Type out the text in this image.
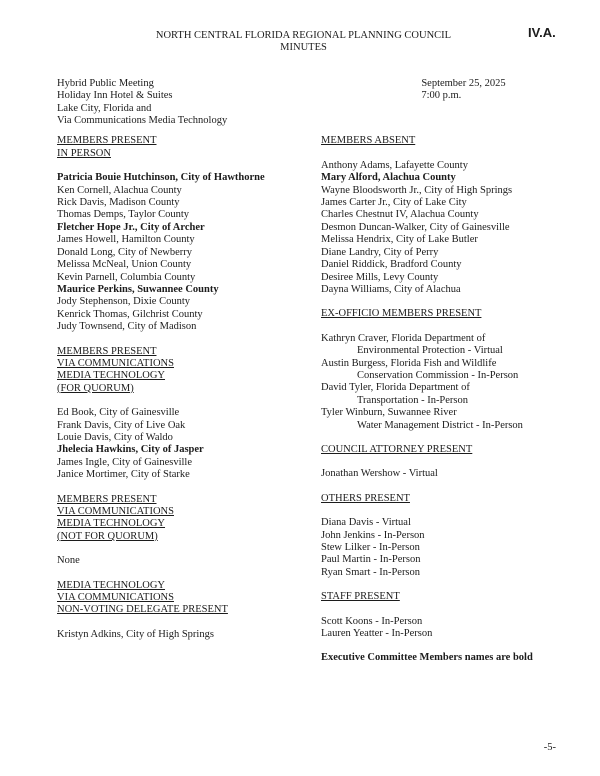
IV.A.
NORTH CENTRAL FLORIDA REGIONAL PLANNING COUNCIL
MINUTES
Hybrid Public Meeting
Holiday Inn Hotel & Suites
Lake City, Florida and
Via Communications Media Technology
September 25, 2025
7:00 p.m.
MEMBERS PRESENT
IN PERSON
Patricia Bouie Hutchinson, City of Hawthorne
Ken Cornell, Alachua County
Rick Davis, Madison County
Thomas Demps, Taylor County
Fletcher Hope Jr., City of Archer
James Howell, Hamilton County
Donald Long, City of Newberry
Melissa McNeal, Union County
Kevin Parnell, Columbia County
Maurice Perkins, Suwannee County
Jody Stephenson, Dixie County
Kenrick Thomas, Gilchrist County
Judy Townsend, City of Madison
MEMBERS PRESENT
VIA COMMUNICATIONS
MEDIA TECHNOLOGY
(FOR QUORUM)
Ed Book, City of Gainesville
Frank Davis, City of Live Oak
Louie Davis, City of Waldo
Jhelecia Hawkins, City of Jasper
James Ingle, City of Gainesville
Janice Mortimer, City of Starke
MEMBERS PRESENT
VIA COMMUNICATIONS
MEDIA TECHNOLOGY
(NOT FOR QUORUM)
None
MEDIA TECHNOLOGY
VIA COMMUNICATIONS
NON-VOTING DELEGATE PRESENT
Kristyn Adkins, City of High Springs
MEMBERS ABSENT
Anthony Adams, Lafayette County
Mary Alford, Alachua County
Wayne Bloodsworth Jr., City of High Springs
James Carter Jr., City of Lake City
Charles Chestnut IV, Alachua County
Desmon Duncan-Walker, City of Gainesville
Melissa Hendrix, City of Lake Butler
Diane Landry, City of Perry
Daniel Riddick, Bradford County
Desiree Mills, Levy County
Dayna Williams, City of Alachua
EX-OFFICIO MEMBERS PRESENT
Kathryn Craver, Florida Department of
Environmental Protection - Virtual
Austin Burgess, Florida Fish and Wildlife
Conservation Commission - In-Person
David Tyler, Florida Department of
Transportation - In-Person
Tyler Winburn, Suwannee River
Water Management District - In-Person
COUNCIL ATTORNEY PRESENT
Jonathan Wershow - Virtual
OTHERS PRESENT
Diana Davis - Virtual
John Jenkins - In-Person
Stew Lilker - In-Person
Paul Martin - In-Person
Ryan Smart - In-Person
STAFF PRESENT
Scott Koons - In-Person
Lauren Yeatter - In-Person
Executive Committee Members names are bold
-5-
